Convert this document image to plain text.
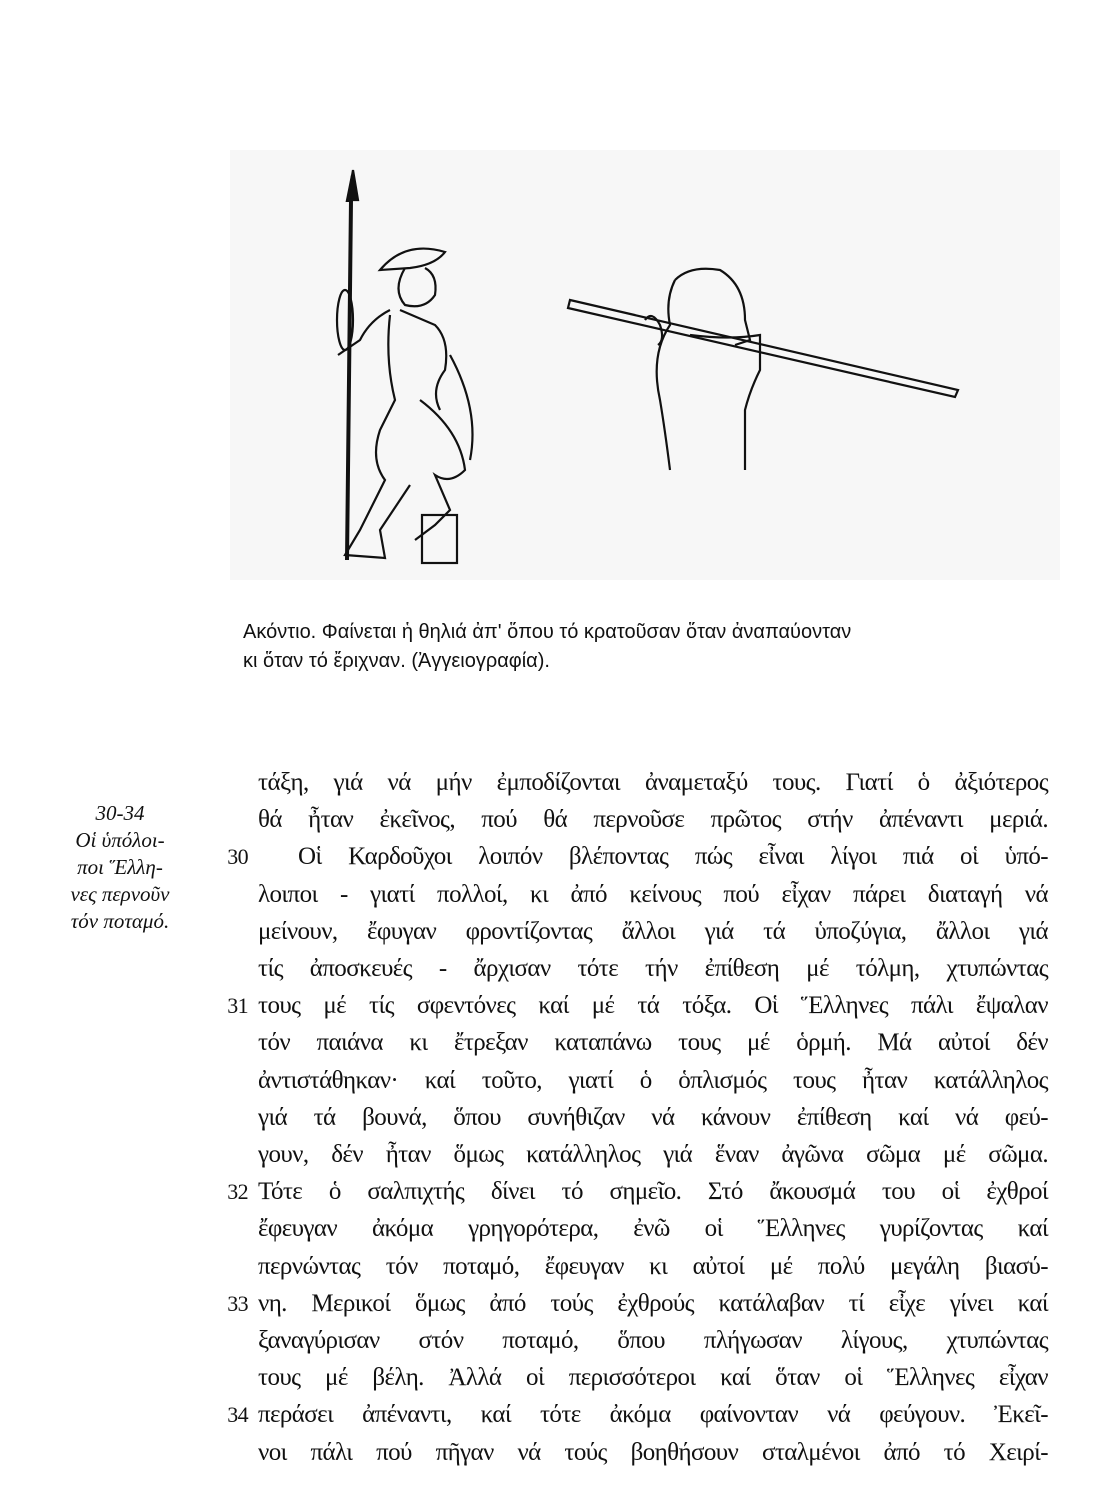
Ακόντιο. Φαίνεται ἡ θηλιά ἀπ' ὅπου τό κρατοῦσαν ὅταν ἀναπαύονταν
κι ὅταν τό ἔριχναν. (Ἀγγειογραφία).
30-34
Οἱ ὑπόλοι-
ποι Ἕλλη-
νες περνοῦν
τόν ποταμό.
τάξη, γιά νά μήν ἐμποδίζονται ἀναμεταξύ τους. Γιατί ὁ ἀξιότερος
θά ἦταν ἐκεῖνος, πού θά περνοῦσε πρῶτος στήν ἀπέναντι μεριά.
30	Οἱ Καρδοῦχοι λοιπόν βλέποντας πώς εἶναι λίγοι πιά οἱ ὑπό-
λοιποι - γιατί πολλοί, κι ἀπό κείνους πού εἶχαν πάρει διαταγή νά
μείνουν, ἔφυγαν φροντίζοντας ἄλλοι γιά τά ὑποζύγια, ἄλλοι γιά
τίς ἀποσκευές - ἄρχισαν τότε τήν ἐπίθεση μέ τόλμη, χτυπώντας
31 τους μέ τίς σφεντόνες καί μέ τά τόξα. Οἱ Ἕλληνες πάλι ἔψαλαν
τόν παιάνα κι ἔτρεξαν καταπάνω τους μέ ὁρμή. Μά αὐτοί δέν
ἀντιστάθηκαν· καί τοῦτο, γιατί ὁ ὁπλισμός τους ἦταν κατάλληλος
γιά τά βουνά, ὅπου συνήθιζαν νά κάνουν ἐπίθεση καί νά φεύ-
γουν, δέν ἦταν ὅμως κατάλληλος γιά ἕναν ἀγῶνα σῶμα μέ σῶμα.
32 Τότε ὁ σαλπιχτής δίνει τό σημεῖο. Στό ἄκουσμά του οἱ ἐχθροί
ἔφευγαν ἀκόμα γρηγορότερα, ἐνῶ οἱ Ἕλληνες γυρίζοντας καί
περνώντας τόν ποταμό, ἔφευγαν κι αὐτοί μέ πολύ μεγάλη βιασύ-
33 νη. Μερικοί ὅμως ἀπό τούς ἐχθρούς κατάλαβαν τί εἶχε γίνει καί
ξαναγύρισαν στόν ποταμό, ὅπου πλήγωσαν λίγους, χτυπώντας
τους μέ βέλη. Ἀλλά οἱ περισσότεροι καί ὅταν οἱ Ἕλληνες εἶχαν
34 περάσει ἀπέναντι, καί τότε ἀκόμα φαίνονταν νά φεύγουν. Ἐκεῖ-
νοι πάλι πού πῆγαν νά τούς βοηθήσουν σταλμένοι ἀπό τό Χειρί-
